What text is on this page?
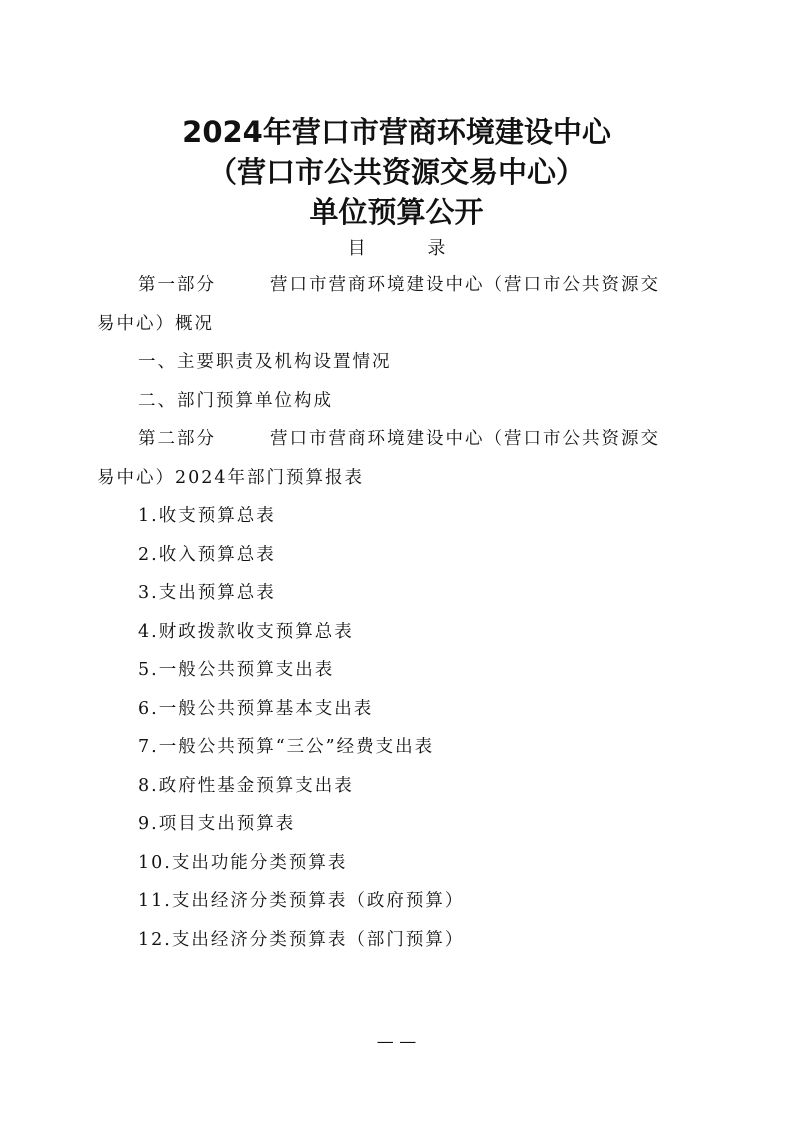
2024年营口市营商环境建设中心
（营口市公共资源交易中心）
单位预算公开
目 录
第一部分	营口市营商环境建设中心（营口市公共资源交
易中心）概况
一、主要职责及机构设置情况
二、部门预算单位构成
第二部分	营口市营商环境建设中心（营口市公共资源交
易中心）2024年部门预算报表
1.收支预算总表
2.收入预算总表
3.支出预算总表
4.财政拨款收支预算总表
5.一般公共预算支出表
6.一般公共预算基本支出表
7.一般公共预算“三公”经费支出表
8.政府性基金预算支出表
9.项目支出预算表
10.支出功能分类预算表
11.支出经济分类预算表（政府预算）
12.支出经济分类预算表（部门预算）
— —
